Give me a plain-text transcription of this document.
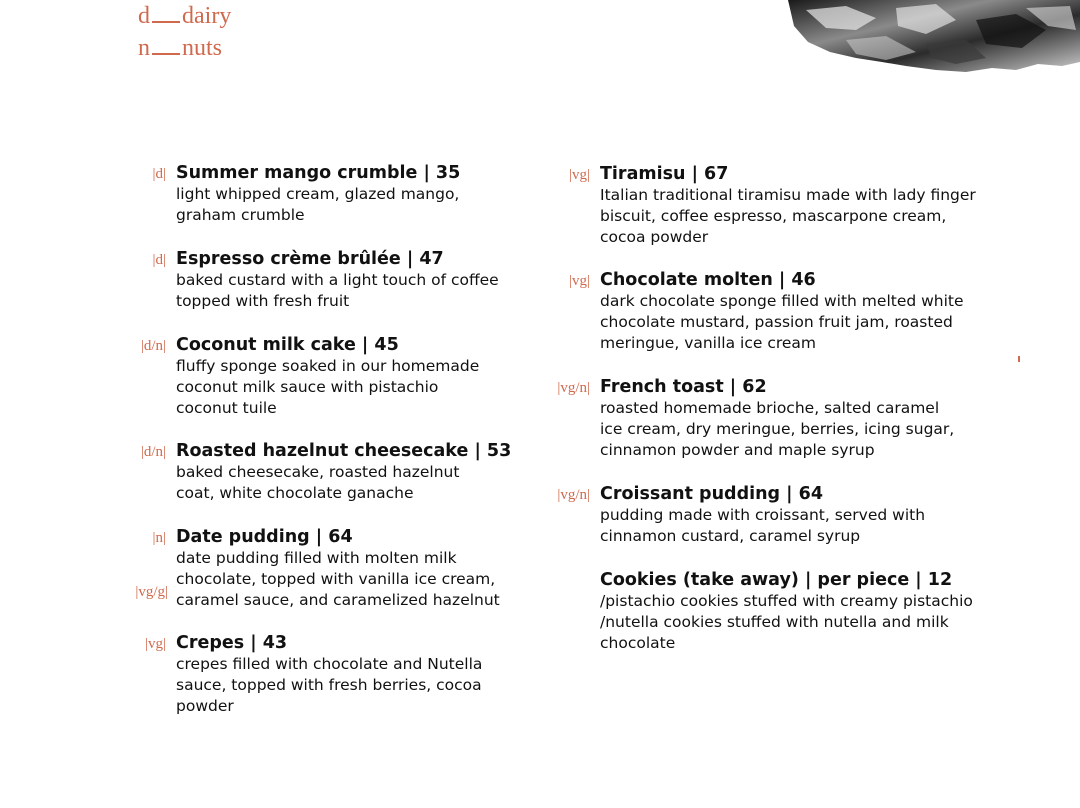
d dairy
n nuts
|d| Summer mango crumble | 35
light whipped cream, glazed mango,
graham crumble
|d| Espresso crème brûlée | 47
baked custard with a light touch of coffee
topped with fresh fruit
|d/n| Coconut milk cake | 45
fluffy sponge soaked in our homemade
coconut milk sauce with pistachio
coconut tuile
|d/n| Roasted hazelnut cheesecake | 53
baked cheesecake, roasted hazelnut
coat, white chocolate ganache
|n| Date pudding | 64
date pudding filled with molten milk
chocolate, topped with vanilla ice cream,
caramel sauce, and caramelized hazelnut
|vg/g|
|vg| Crepes | 43
crepes filled with chocolate and Nutella
sauce, topped with fresh berries, cocoa
powder
|vg| Tiramisu | 67
Italian traditional tiramisu made with lady finger
biscuit, coffee espresso, mascarpone cream,
cocoa powder
|vg| Chocolate molten | 46
dark chocolate sponge filled with melted white
chocolate mustard, passion fruit jam, roasted
meringue, vanilla ice cream
|vg/n| French toast | 62
roasted homemade brioche, salted caramel
ice cream, dry meringue, berries, icing sugar,
cinnamon powder and maple syrup
|vg/n| Croissant pudding | 64
pudding made with croissant, served with
cinnamon custard, caramel syrup
Cookies (take away) | per piece | 12
/pistachio cookies stuffed with creamy pistachio
/nutella cookies stuffed with nutella and milk
chocolate
